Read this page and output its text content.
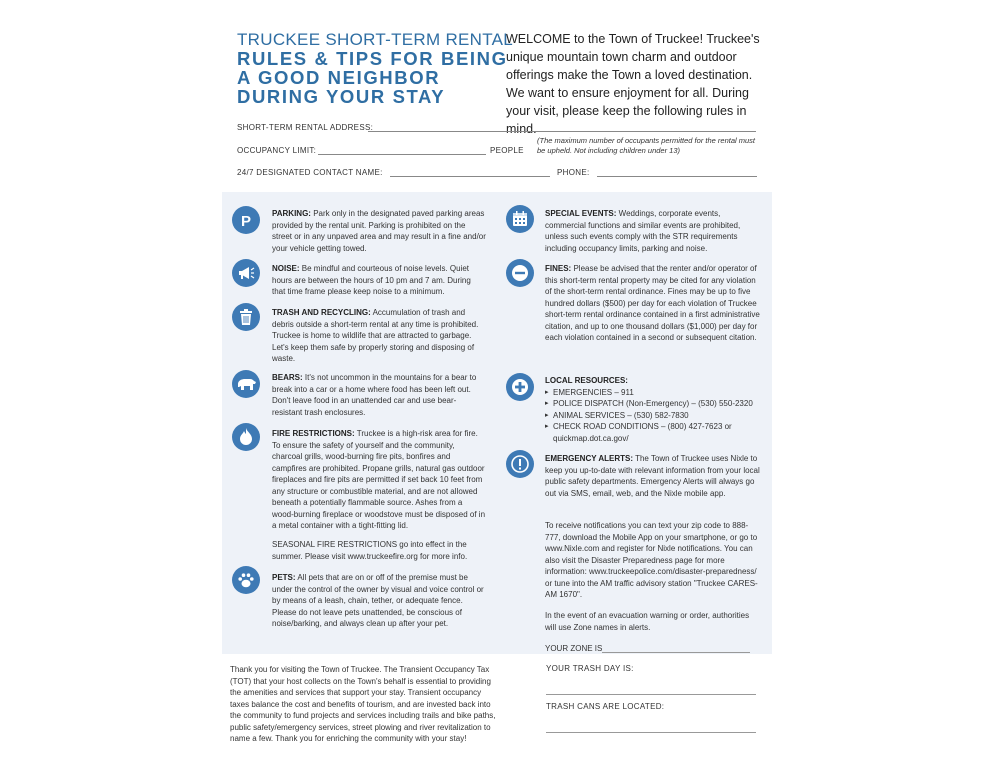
TRUCKEE SHORT-TERM RENTAL
RULES & TIPS FOR BEING
A GOOD NEIGHBOR
DURING YOUR STAY
WELCOME to the Town of Truckee! Truckee's unique mountain town charm and outdoor offerings make the Town a loved destination. We want to ensure enjoyment for all. During your visit, please keep the following rules in mind.
SHORT-TERM RENTAL ADDRESS:
OCCUPANCY LIMIT:	PEOPLE
(The maximum number of occupants permitted for the rental must be upheld. Not including children under 13)
24/7 DESIGNATED CONTACT NAME:	PHONE:
P	PARKING: Park only in the designated paved parking areas provided by the rental unit. Parking is prohibited on the street or in any unpaved area and may result in a fine and/or your vehicle getting towed.
NOISE: Be mindful and courteous of noise levels. Quiet hours are between the hours of 10 pm and 7 am. During that time frame please keep noise to a minimum.
TRASH AND RECYCLING: Accumulation of trash and debris outside a short-term rental at any time is prohibited. Truckee is home to wildlife that are attracted to garbage. Let's keep them safe by properly storing and disposing of waste.
BEARS: It's not uncommon in the mountains for a bear to break into a car or a home where food has been left out. Don't leave food in an unattended car and use bear-resistant trash enclosures.
FIRE RESTRICTIONS: Truckee is a high-risk area for fire. To ensure the safety of yourself and the community, charcoal grills, wood-burning fire pits, bonfires and campfires are prohibited. Propane grills, natural gas outdoor fireplaces and fire pits are permitted if set back 10 feet from any structure or combustible material, and are not allowed beneath a potentially flammable source. Ashes from a wood-burning fireplace or woodstove must be disposed of in a metal container with a tight-fitting lid.
SEASONAL FIRE RESTRICTIONS go into effect in the summer. Please visit www.truckeefire.org for more info.
PETS: All pets that are on or off of the premise must be under the control of the owner by visual and voice control or by means of a leash, chain, tether, or adequate fence. Please do not leave pets unattended, be conscious of noise/barking, and always clean up after your pet.
SPECIAL EVENTS: Weddings, corporate events, commercial functions and similar events are prohibited, unless such events comply with the STR requirements including occupancy limits, parking and noise.
FINES: Please be advised that the renter and/or operator of this short-term rental property may be cited for any violation of the short-term rental ordinance. Fines may be up to five hundred dollars ($500) per day for each violation of Truckee short-term rental ordinance contained in a first administrative citation, and up to one thousand dollars ($1,000) per day for each violation contained in a second or subsequent citation.
LOCAL RESOURCES:
▸ EMERGENCIES – 911
▸ POLICE DISPATCH (Non-Emergency) – (530) 550-2320
▸ ANIMAL SERVICES – (530) 582-7830
▸ CHECK ROAD CONDITIONS – (800) 427-7623 or quickmap.dot.ca.gov/
EMERGENCY ALERTS: The Town of Truckee uses Nixle to keep you up-to-date with relevant information from your local public safety departments. Emergency Alerts will always go out via SMS, email, web, and the Nixle mobile app.
To receive notifications you can text your zip code to 888-777, download the Mobile App on your smartphone, or go to www.Nixle.com and register for Nixle notifications. You can also visit the Disaster Preparedness page for more information: www.truckeepolice.com/disaster-preparedness/ or tune into the AM traffic advisory station "Truckee CARES- AM 1670".
In the event of an evacuation warning or order, authorities will use Zone names in alerts.
YOUR ZONE IS
Thank you for visiting the Town of Truckee. The Transient Occupancy Tax (TOT) that your host collects on the Town's behalf is essential to providing the amenities and services that support your stay. Transient occupancy taxes balance the cost and benefits of tourism, and are invested back into the community to fund projects and services including trails and bike paths, public safety/emergency services, street plowing and river revitalization to name a few. Thank you for enriching the community with your stay!
YOUR TRASH DAY IS:
TRASH CANS ARE LOCATED:
